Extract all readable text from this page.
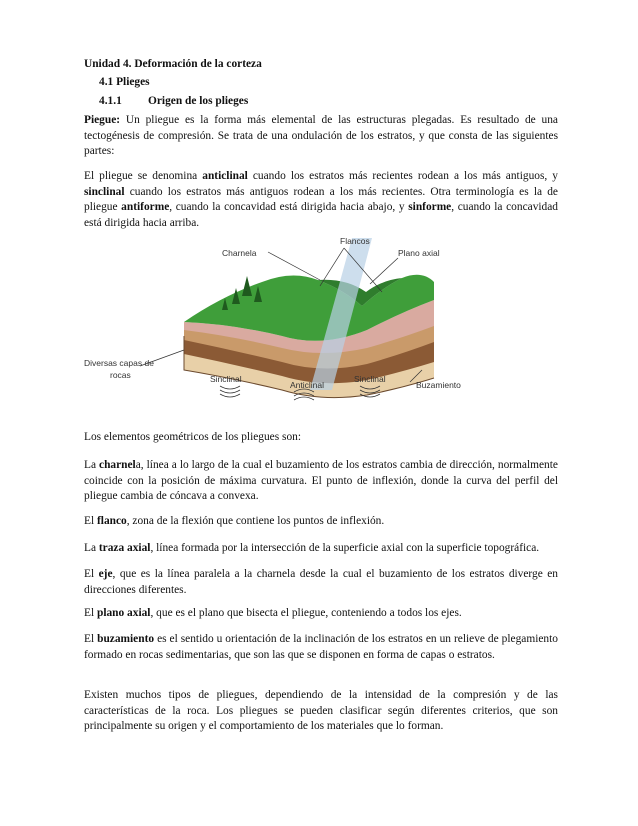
Unidad 4. Deformación de la corteza
4.1 Plieges
4.1.1 Origen de los plieges

Piegue: Un pliegue es la forma más elemental de las estructuras plegadas. Es resultado de una tectogénesis de compresión. Se trata de una ondulación de los estratos, y que consta de las siguientes partes:

El pliegue se denomina anticlinal cuando los estratos más recientes rodean a los más antiguos, y sinclinal cuando los estratos más antiguos rodean a los más recientes. Otra terminología es la de pliegue antiforme, cuando la concavidad está dirigida hacia abajo, y sinforme, cuando la concavidad está dirigida hacia arriba.

Flancos
Charnela	Plano axial
Diversas capas de
rocas	Sinclinal
Anticlinal
Sinclinal
Buzamiento

Los elementos geométricos de los pliegues son:

La charnela, línea a lo largo de la cual el buzamiento de los estratos cambia de dirección, normalmente coincide con la posición de máxima curvatura. El punto de inflexión, donde la curva del perfil del pliegue cambia de cóncava a convexa.

El flanco, zona de la flexión que contiene los puntos de inflexión.

La traza axial, línea formada por la intersección de la superficie axial con la superficie topográfica.

El eje, que es la línea paralela a la charnela desde la cual el buzamiento de los estratos diverge en direcciones diferentes.

El plano axial, que es el plano que bisecta el pliegue, conteniendo a todos los ejes.

El buzamiento es el sentido u orientación de la inclinación de los estratos en un relieve de plegamiento formado en rocas sedimentarias, que son las que se disponen en forma de capas o estratos.

Existen muchos tipos de pliegues, dependiendo de la intensidad de la compresión y de las características de la roca. Los pliegues se pueden clasificar según diferentes criterios, que son principalmente su origen y el comportamiento de los materiales que lo forman.
